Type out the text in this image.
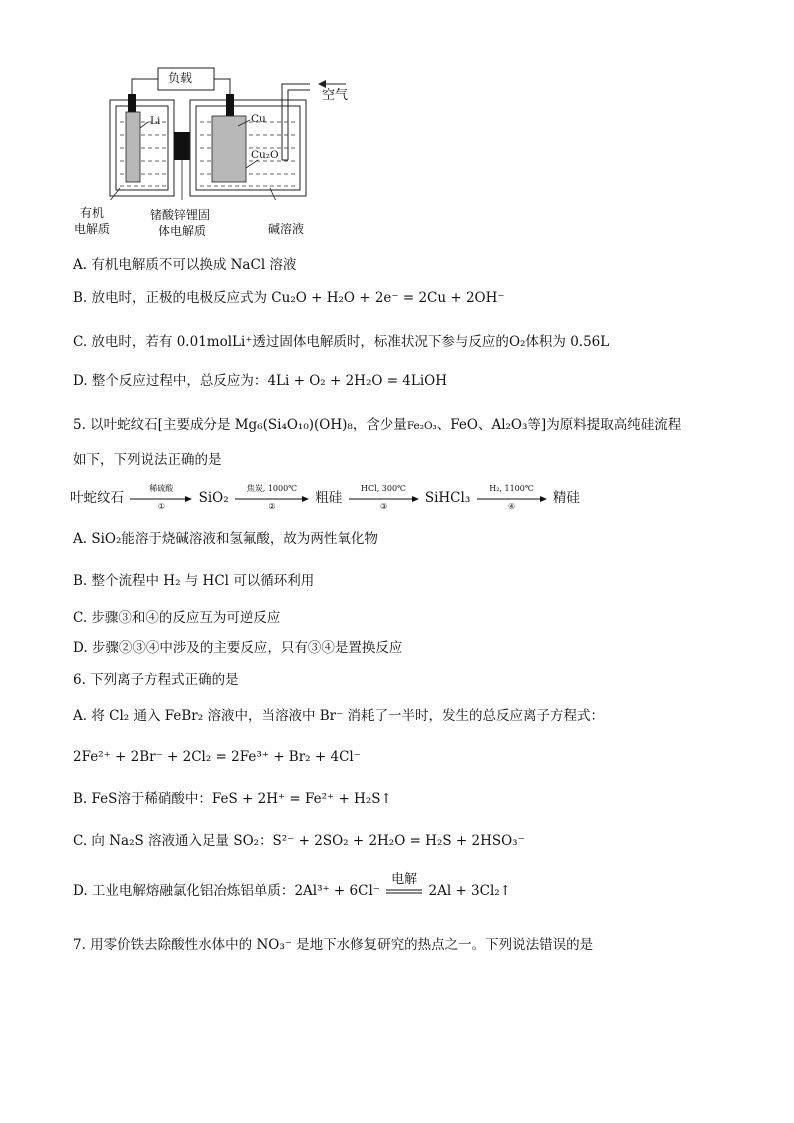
负载
空气
Li	Cu
Cu₂O
有机
电解质
锗酸锌锂固
体电解质	碱溶液
A. 有机电解质不可以换成 NaCl 溶液
B. 放电时，正极的电极反应式为 Cu₂O + H₂O + 2e⁻ = 2Cu + 2OH⁻
C. 放电时，若有 0.01molLi⁺透过固体电解质时，标准状况下参与反应的O₂体积为 0.56L
D. 整个反应过程中，总反应为：4Li + O₂ + 2H₂O = 4LiOH
5. 以叶蛇纹石[主要成分是 Mg₆(Si₄O₁₀)(OH)₈，含少量Fe₂O₃、FeO、Al₂O₃等]为原料提取高纯硅流程
如下，下列说法正确的是
叶蛇纹石
稀硫酸
①	SiO₂
焦炭, 1000℃
②	粗硅
HCl, 300℃
③	SiHCl₃
H₂, 1100℃
④	精硅
A. SiO₂能溶于烧碱溶液和氢氟酸，故为两性氧化物
B. 整个流程中 H₂ 与 HCl 可以循环利用
C. 步骤③和④的反应互为可逆反应
D. 步骤②③④中涉及的主要反应，只有③④是置换反应
6. 下列离子方程式正确的是
A. 将 Cl₂ 通入 FeBr₂ 溶液中，当溶液中 Br⁻ 消耗了一半时，发生的总反应离子方程式：
2Fe²⁺ + 2Br⁻ + 2Cl₂ = 2Fe³⁺ + Br₂ + 4Cl⁻
B. FeS溶于稀硝酸中：FeS + 2H⁺ = Fe²⁺ + H₂S↑
C. 向 Na₂S 溶液通入足量 SO₂：S²⁻ + 2SO₂ + 2H₂O = H₂S + 2HSO₃⁻
D. 工业电解熔融氯化铝冶炼铝单质：2Al³⁺ + 6Cl⁻
电解
2Al + 3Cl₂↑
7. 用零价铁去除酸性水体中的 NO₃⁻ 是地下水修复研究的热点之一。下列说法错误的是
